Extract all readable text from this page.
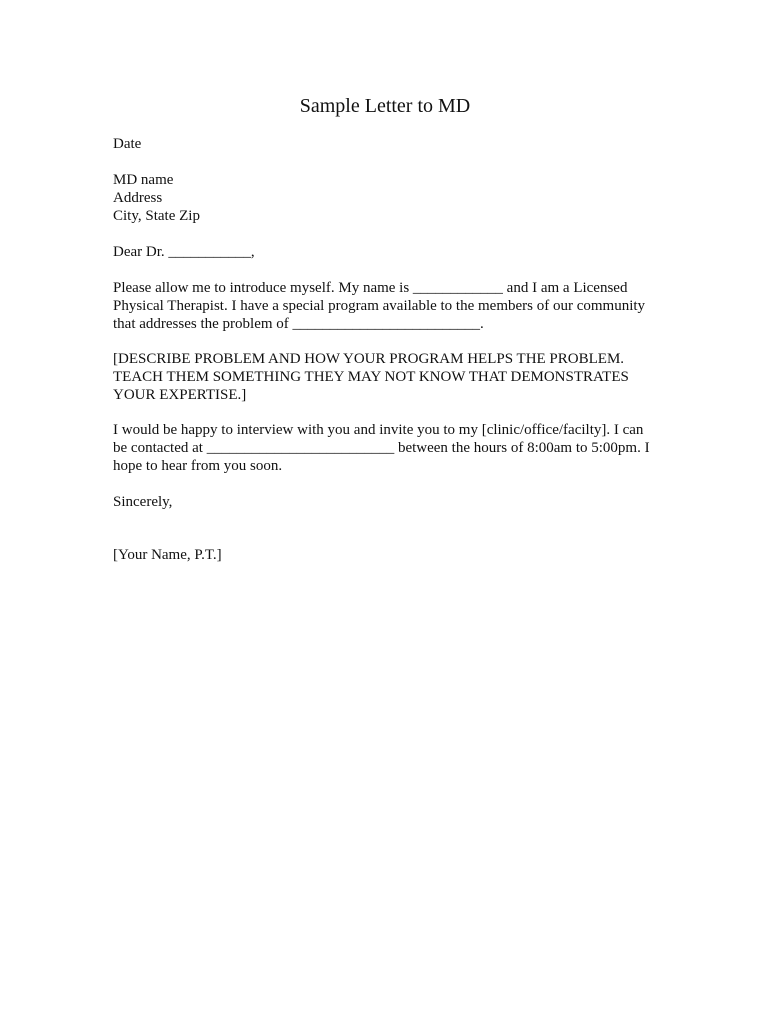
Sample Letter to MD
Date
MD name
Address
City, State Zip
Dear Dr. ___________,
Please allow me to introduce myself. My name is ____________ and I am a Licensed
Physical Therapist. I have a special program available to the members of our community
that addresses the problem of _________________________.
[DESCRIBE PROBLEM AND HOW YOUR PROGRAM HELPS THE PROBLEM.
TEACH THEM SOMETHING THEY MAY NOT KNOW THAT DEMONSTRATES
YOUR EXPERTISE.]
I would be happy to interview with you and invite you to my [clinic/office/facilty]. I can
be contacted at _________________________ between the hours of 8:00am to 5:00pm. I
hope to hear from you soon.
Sincerely,
[Your Name, P.T.]
